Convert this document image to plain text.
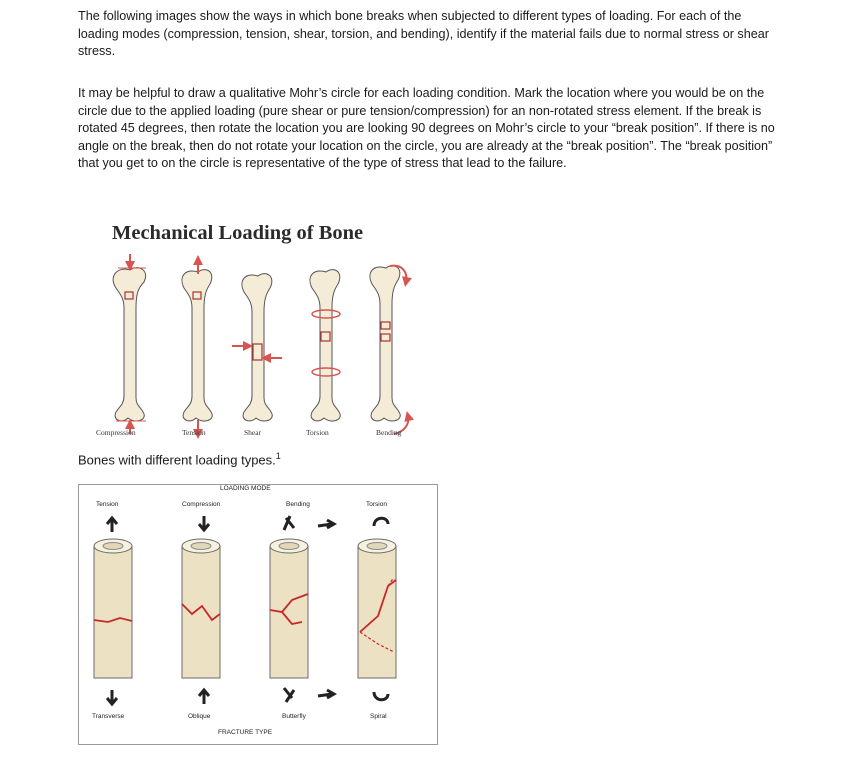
The following images show the ways in which bone breaks when subjected to different types of loading. For each of the loading modes (compression, tension, shear, torsion, and bending), identify if the material fails due to normal stress or shear stress.

It may be helpful to draw a qualitative Mohr’s circle for each loading condition. Mark the location where you would be on the circle due to the applied loading (pure shear or pure tension/compression) for an non-rotated stress element. If the break is rotated 45 degrees, then rotate the location you are looking 90 degrees on Mohr’s circle to your “break position”. If there is no angle on the break, then do not rotate your location on the circle, you are already at the “break position”. The “break position” that you get to on the circle is representative of the type of stress that lead to the failure.

Mechanical Loading of Bone
Compression	Tension	Shear	Torsion	Bending

Bones with different loading types.$^1$

LOADING MODE
Tension	Compression	Bending	Torsion
Transverse	Oblique	Butterfly	Spiral
FRACTURE TYPE
